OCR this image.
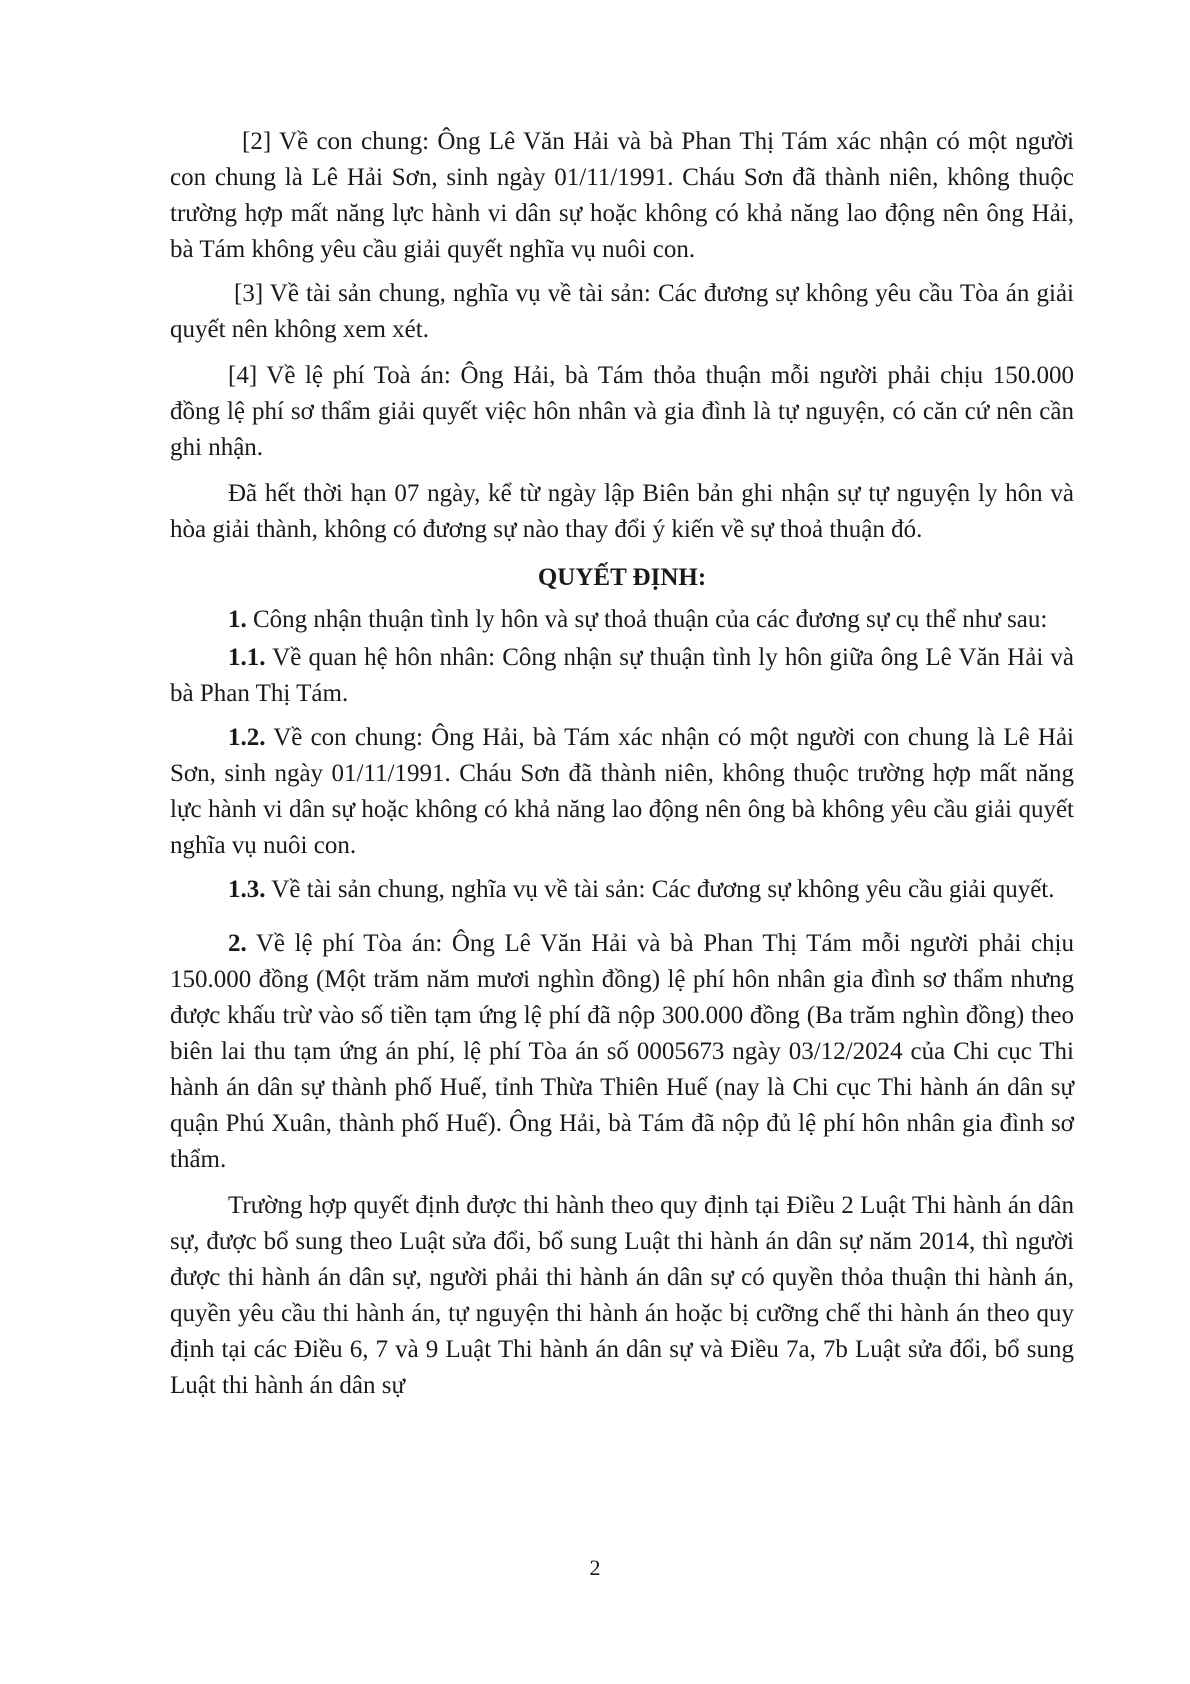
[2] Về con chung: Ông Lê Văn Hải và bà Phan Thị Tám xác nhận có một người con chung là Lê Hải Sơn, sinh ngày 01/11/1991. Cháu Sơn đã thành niên, không thuộc trường hợp mất năng lực hành vi dân sự hoặc không có khả năng lao động nên ông Hải, bà Tám không yêu cầu giải quyết nghĩa vụ nuôi con.

[3] Về tài sản chung, nghĩa vụ về tài sản: Các đương sự không yêu cầu Tòa án giải quyết nên không xem xét.

[4] Về lệ phí Toà án: Ông Hải, bà Tám thỏa thuận mỗi người phải chịu 150.000 đồng lệ phí sơ thẩm giải quyết việc hôn nhân và gia đình là tự nguyện, có căn cứ nên cần ghi nhận.

Đã hết thời hạn 07 ngày, kể từ ngày lập Biên bản ghi nhận sự tự nguyện ly hôn và hòa giải thành, không có đương sự nào thay đổi ý kiến về sự thoả thuận đó.

QUYẾT ĐỊNH:

1. Công nhận thuận tình ly hôn và sự thoả thuận của các đương sự cụ thể như sau:

1.1. Về quan hệ hôn nhân: Công nhận sự thuận tình ly hôn giữa ông Lê Văn Hải và bà Phan Thị Tám.

1.2. Về con chung: Ông Hải, bà Tám xác nhận có một người con chung là Lê Hải Sơn, sinh ngày 01/11/1991. Cháu Sơn đã thành niên, không thuộc trường hợp mất năng lực hành vi dân sự hoặc không có khả năng lao động nên ông bà không yêu cầu giải quyết nghĩa vụ nuôi con.

1.3. Về tài sản chung, nghĩa vụ về tài sản: Các đương sự không yêu cầu giải quyết.

2. Về lệ phí Tòa án: Ông Lê Văn Hải và bà Phan Thị Tám mỗi người phải chịu 150.000 đồng (Một trăm năm mươi nghìn đồng) lệ phí hôn nhân gia đình sơ thẩm nhưng được khấu trừ vào số tiền tạm ứng lệ phí đã nộp 300.000 đồng (Ba trăm nghìn đồng) theo biên lai thu tạm ứng án phí, lệ phí Tòa án số 0005673 ngày 03/12/2024 của Chi cục Thi hành án dân sự thành phố Huế, tỉnh Thừa Thiên Huế (nay là Chi cục Thi hành án dân sự quận Phú Xuân, thành phố Huế). Ông Hải, bà Tám đã nộp đủ lệ phí hôn nhân gia đình sơ thẩm.

Trường hợp quyết định được thi hành theo quy định tại Điều 2 Luật Thi hành án dân sự, được bổ sung theo Luật sửa đổi, bổ sung Luật thi hành án dân sự năm 2014, thì người được thi hành án dân sự, người phải thi hành án dân sự có quyền thỏa thuận thi hành án, quyền yêu cầu thi hành án, tự nguyện thi hành án hoặc bị cưỡng chế thi hành án theo quy định tại các Điều 6, 7 và 9 Luật Thi hành án dân sự và Điều 7a, 7b Luật sửa đổi, bổ sung Luật thi hành án dân sự

2
